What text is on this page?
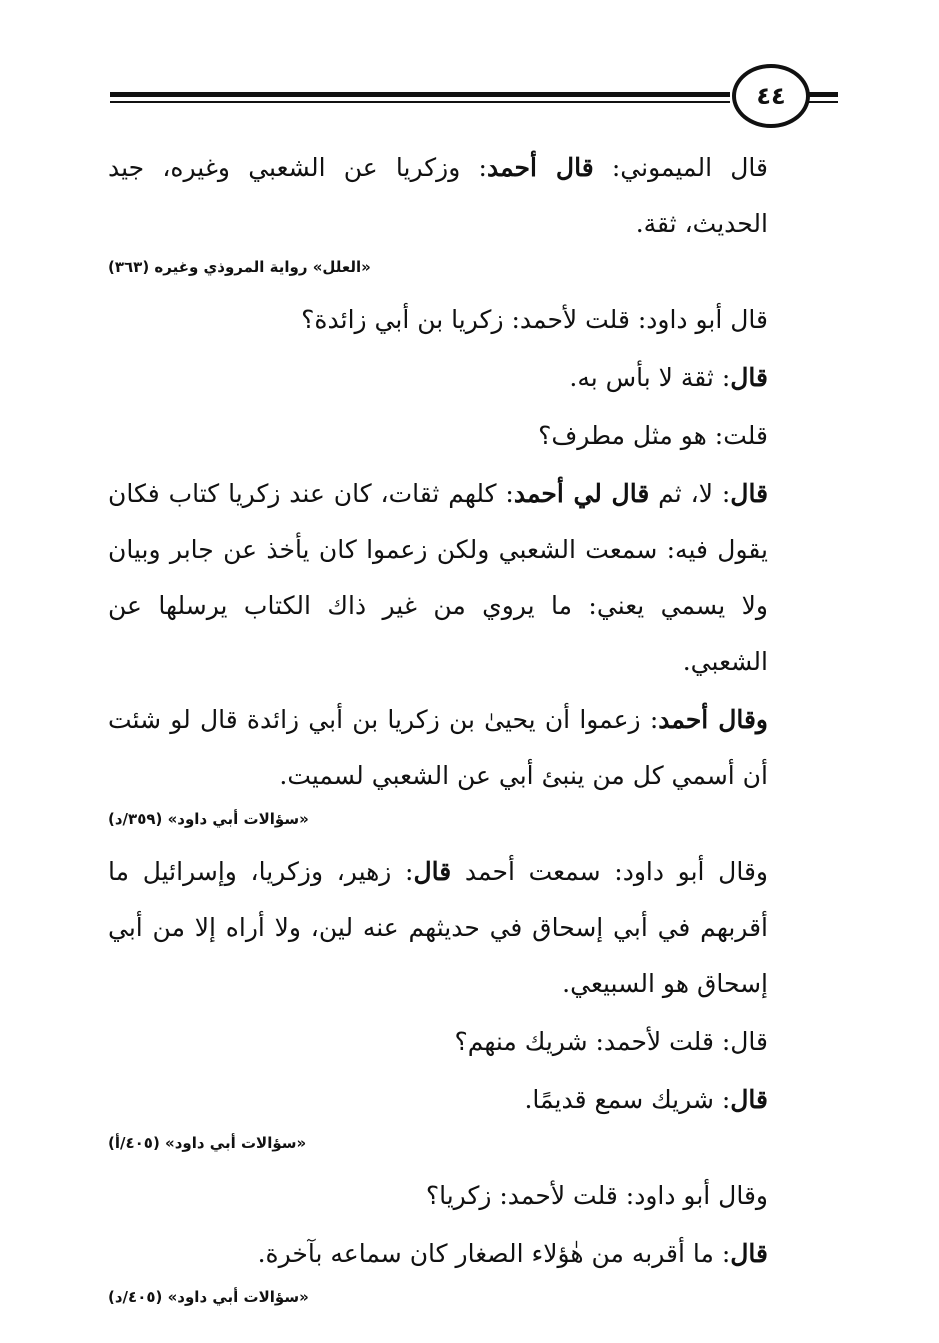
٤٤

قال الميموني: قال أحمد: وزكريا عن الشعبي وغيره، جيد الحديث، ثقة.

«العلل» رواية المروذي وغيره (٣٦٣)

قال أبو داود: قلت لأحمد: زكريا بن أبي زائدة؟

قال: ثقة لا بأس به.

قلت: هو مثل مطرف؟

قال: لا، ثم قال لي أحمد: كلهم ثقات، كان عند زكريا كتاب فكان يقول فيه: سمعت الشعبي ولكن زعموا كان يأخذ عن جابر وبيان ولا يسمي يعني: ما يروي من غير ذاك الكتاب يرسلها عن الشعبي.

وقال أحمد: زعموا أن يحيىٰ بن زكريا بن أبي زائدة قال لو شئت أن أسمي كل من ينبئ أبي عن الشعبي لسميت.

«سؤالات أبي داود» (٣٥٩/د)

وقال أبو داود: سمعت أحمد قال: زهير، وزكريا، وإسرائيل ما أقربهم في أبي إسحاق في حديثهم عنه لين، ولا أراه إلا من أبي إسحاق هو السبيعي.

قال: قلت لأحمد: شريك منهم؟

قال: شريك سمع قديمًا.

«سؤالات أبي داود» (٤٠٥/أ)

وقال أبو داود: قلت لأحمد: زكريا؟

قال: ما أقربه من هٰؤلاء الصغار كان سماعه بآخرة.

«سؤالات أبي داود» (٤٠٥/د)
